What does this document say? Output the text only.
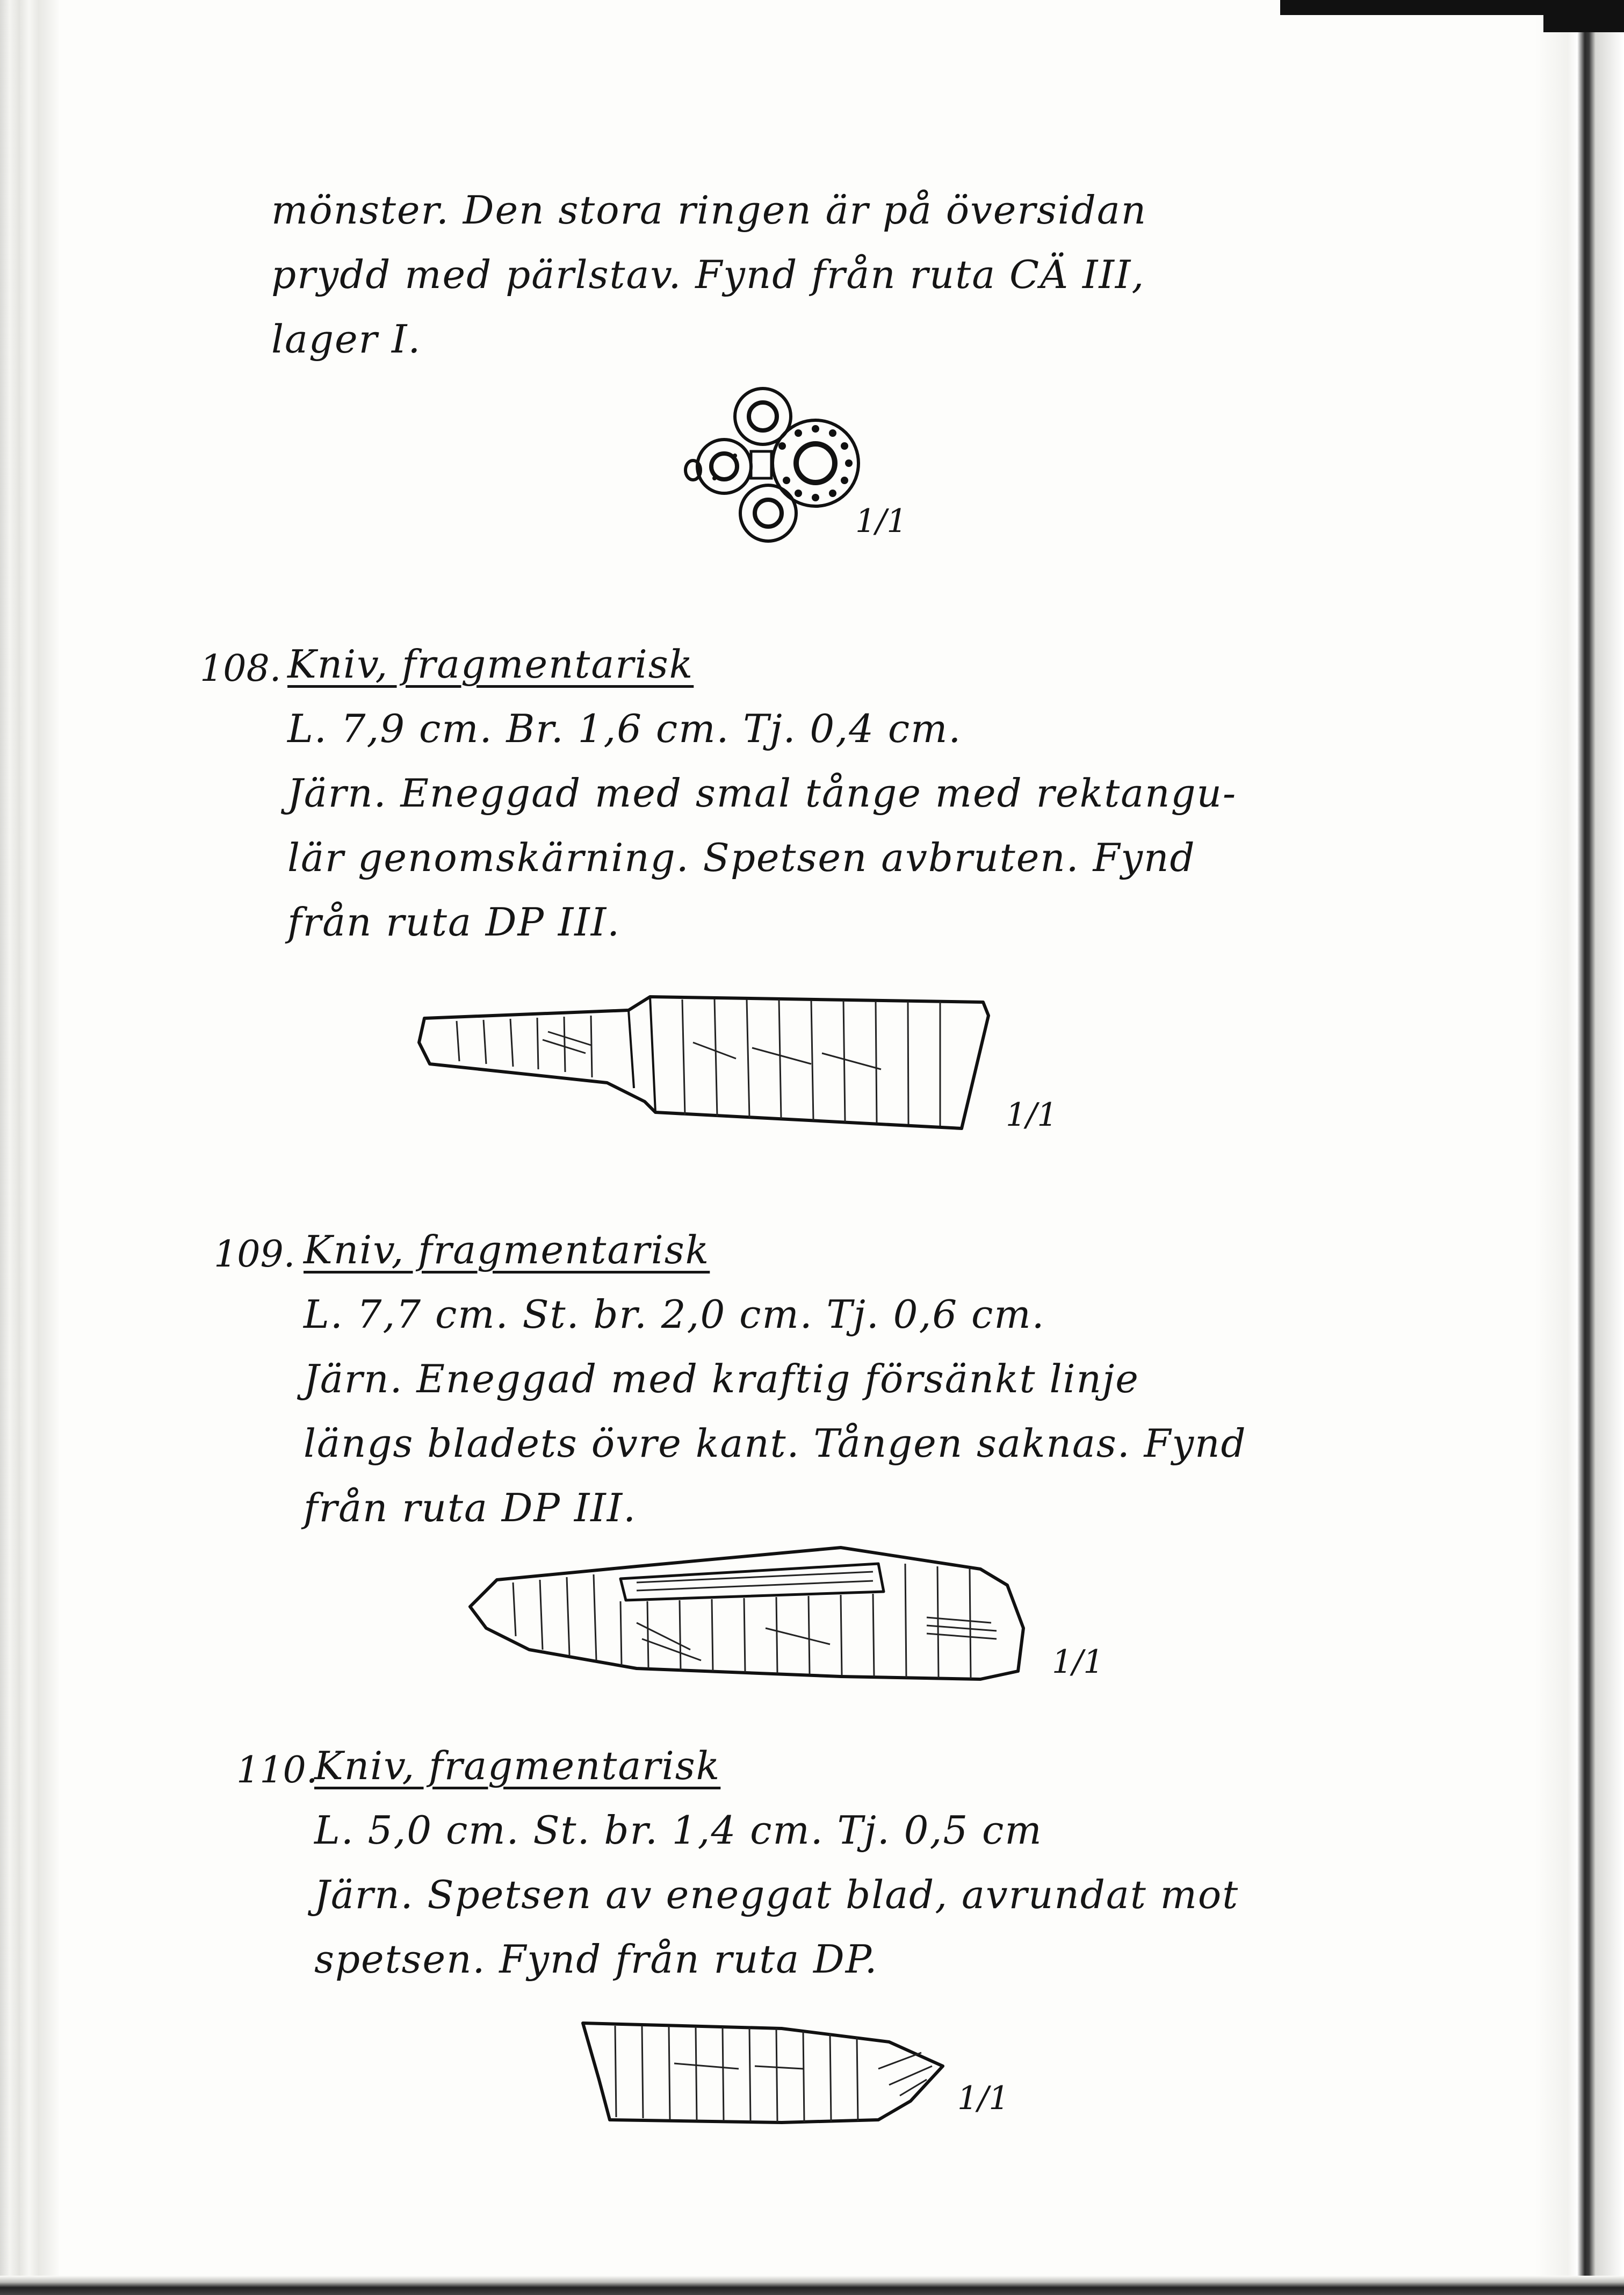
mönster. Den stora ringen är på översidan
prydd med pärlstav. Fynd från ruta CÄ III,
lager I.
1/1
108. Kniv, fragmentarisk
L. 7,9 cm. Br. 1,6 cm. Tj. 0,4 cm.
Järn. Eneggad med smal tånge med rektangu-
lär genomskärning. Spetsen avbruten. Fynd
från ruta DP III.
1/1
109. Kniv, fragmentarisk
L. 7,7 cm. St. br. 2,0 cm. Tj. 0,6 cm.
Järn. Eneggad med kraftig försänkt linje
längs bladets övre kant. Tången saknas. Fynd
från ruta DP III.
1/1
110.
Kniv, fragmentarisk
L. 5,0 cm. St. br. 1,4 cm. Tj. 0,5 cm
Järn. Spetsen av eneggat blad, avrundat mot
spetsen. Fynd från ruta DP.
1/1
